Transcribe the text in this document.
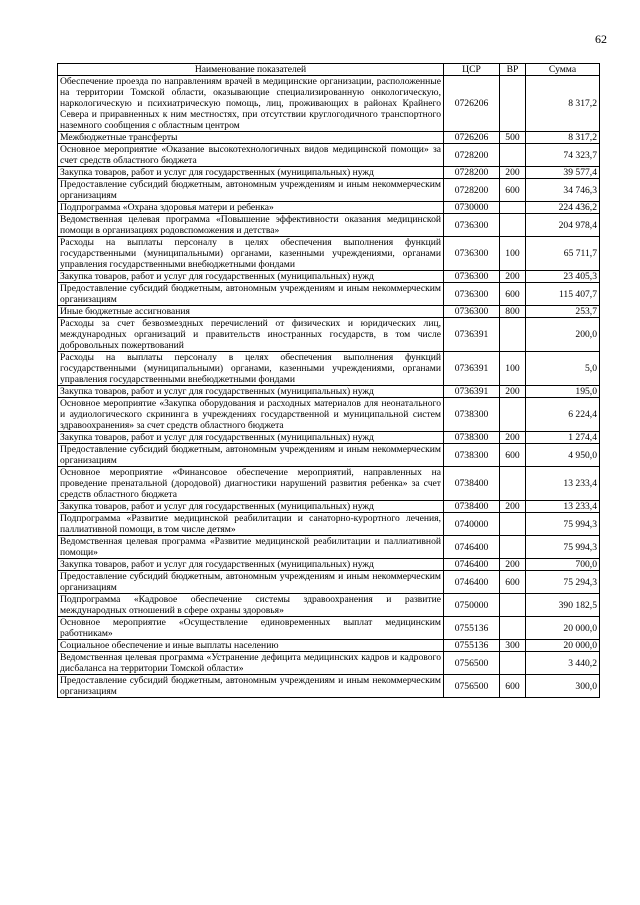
62
Наименование показателей	ЦСР	ВР	Сумма
Обеспечение проезда по направлениям врачей в медицинские организации, расположенные на территории Томской области, оказывающие специализированную онкологическую, наркологическую и психиатрическую помощь, лиц, проживающих в районах Крайнего Севера и приравненных к ним местностях, при отсутствии круглогодичного транспортного наземного сообщения с областным центром	0726206		8 317,2
Межбюджетные трансферты	0726206	500	8 317,2
Основное мероприятие «Оказание высокотехнологичных видов медицинской помощи» за счет средств областного бюджета	0728200		74 323,7
Закупка товаров, работ и услуг для государственных (муниципальных) нужд	0728200	200	39 577,4
Предоставление субсидий бюджетным, автономным учреждениям и иным некоммерческим организациям	0728200	600	34 746,3
Подпрограмма «Охрана здоровья матери и ребенка»	0730000		224 436,2
Ведомственная целевая программа «Повышение эффективности оказания медицинской помощи в организациях родовспоможения и детства»	0736300		204 978,4
Расходы на выплаты персоналу в целях обеспечения выполнения функций государственными (муниципальными) органами, казенными учреждениями, органами управления государственными внебюджетными фондами	0736300	100	65 711,7
Закупка товаров, работ и услуг для государственных (муниципальных) нужд	0736300	200	23 405,3
Предоставление субсидий бюджетным, автономным учреждениям и иным некоммерческим организациям	0736300	600	115 407,7
Иные бюджетные ассигнования	0736300	800	253,7
Расходы за счет безвозмездных перечислений от физических и юридических лиц, международных организаций и правительств иностранных государств, в том числе добровольных пожертвований	0736391		200,0
Расходы на выплаты персоналу в целях обеспечения выполнения функций государственными (муниципальными) органами, казенными учреждениями, органами управления государственными внебюджетными фондами	0736391	100	5,0
Закупка товаров, работ и услуг для государственных (муниципальных) нужд	0736391	200	195,0
Основное мероприятие «Закупка оборудования и расходных материалов для неонатального и аудиологического скрининга в учреждениях государственной и муниципальной систем здравоохранения» за счет средств областного бюджета	0738300		6 224,4
Закупка товаров, работ и услуг для государственных (муниципальных) нужд	0738300	200	1 274,4
Предоставление субсидий бюджетным, автономным учреждениям и иным некоммерческим организациям	0738300	600	4 950,0
Основное мероприятие «Финансовое обеспечение мероприятий, направленных на проведение пренатальной (дородовой) диагностики нарушений развития ребенка» за счет средств областного бюджета	0738400		13 233,4
Закупка товаров, работ и услуг для государственных (муниципальных) нужд	0738400	200	13 233,4
Подпрограмма «Развитие медицинской реабилитации и санаторно-курортного лечения, паллиативной помощи, в том числе детям»	0740000		75 994,3
Ведомственная целевая программа «Развитие медицинской реабилитации и паллиативной помощи»	0746400		75 994,3
Закупка товаров, работ и услуг для государственных (муниципальных) нужд	0746400	200	700,0
Предоставление субсидий бюджетным, автономным учреждениям и иным некоммерческим организациям	0746400	600	75 294,3
Подпрограмма «Кадровое обеспечение системы здравоохранения и развитие международных отношений в сфере охраны здоровья»	0750000		390 182,5
Основное мероприятие «Осуществление единовременных выплат медицинским работникам»	0755136		20 000,0
Социальное обеспечение и иные выплаты населению	0755136	300	20 000,0
Ведомственная целевая программа «Устранение дефицита медицинских кадров и кадрового дисбаланса на территории Томской области»	0756500		3 440,2
Предоставление субсидий бюджетным, автономным учреждениям и иным некоммерческим организациям	0756500	600	300,0
